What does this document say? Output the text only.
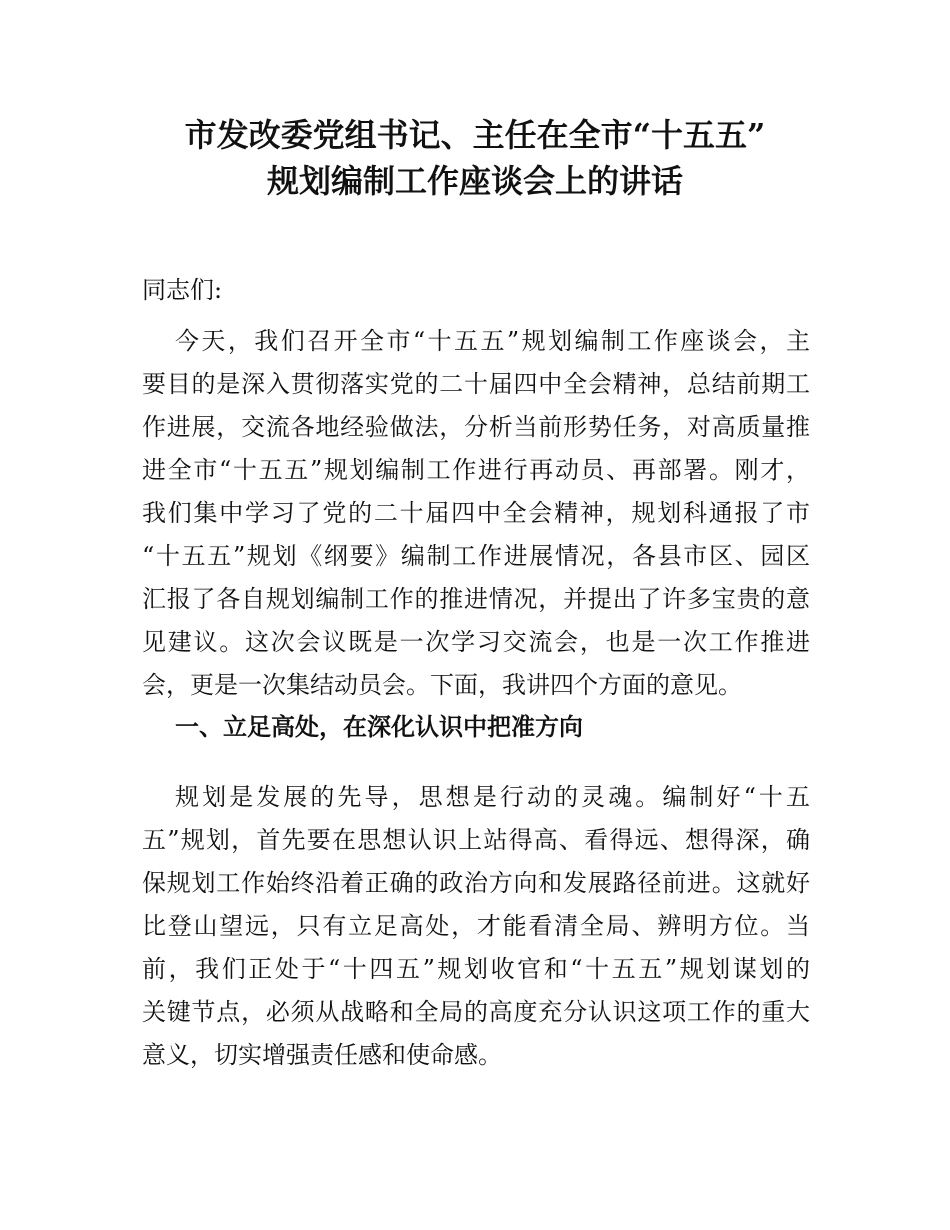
市发改委党组书记、主任在全市“十五五”
规划编制工作座谈会上的讲话
同志们:
今天，我们召开全市“十五五”规划编制工作座谈会，主
要目的是深入贯彻落实党的二十届四中全会精神，总结前期工
作进展，交流各地经验做法，分析当前形势任务，对高质量推
进全市“十五五”规划编制工作进行再动员、再部署。刚才，
我们集中学习了党的二十届四中全会精神，规划科通报了市
“十五五”规划《纲要》编制工作进展情况，各县市区、园区
汇报了各自规划编制工作的推进情况，并提出了许多宝贵的意
见建议。这次会议既是一次学习交流会，也是一次工作推进
会，更是一次集结动员会。下面，我讲四个方面的意见。
一、立足高处，在深化认识中把准方向
规划是发展的先导，思想是行动的灵魂。编制好“十五
五”规划，首先要在思想认识上站得高、看得远、想得深，确
保规划工作始终沿着正确的政治方向和发展路径前进。这就好
比登山望远，只有立足高处，才能看清全局、辨明方位。当
前，我们正处于“十四五”规划收官和“十五五”规划谋划的
关键节点，必须从战略和全局的高度充分认识这项工作的重大
意义，切实增强责任感和使命感。
